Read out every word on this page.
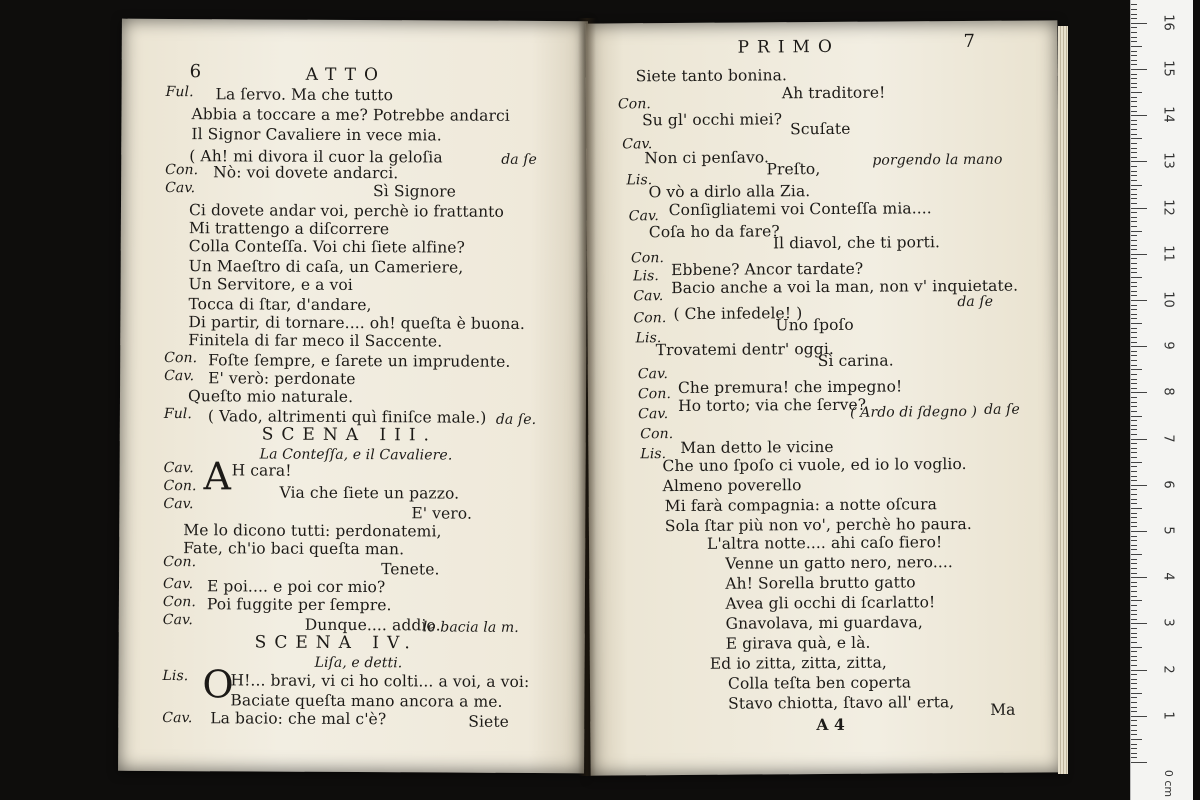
6	ATTO
Ful. La ſervo. Ma che tutto
Abbia a toccare a me? Potrebbe andarci
Il Signor Cavaliere in vece mia.
( Ah! mi divora il cuor la geloſia	da ſe
Con. Nò: voi dovete andarci.
Cav.	Sì Signore
Ci dovete andar voi, perchè io frattanto
Mi trattengo a diſcorrere
Colla Conteſſa. Voi chi ſiete alfine?
Un Maeſtro di caſa, un Cameriere,
Un Servitore, e a voi
Tocca di ſtar, d'andare,
Di partir, di tornare.... oh! queſta è buona.
Finitela di far meco il Saccente.
Con. Foſte ſempre, e ſarete un imprudente.
Cav. E' verò: perdonate
Queſto mio naturale.
Ful. ( Vado, altrimenti quì finiſce male.) da ſe.
SCENA III.
La Conteſſa, e il Cavaliere.
Cav. A H cara!
Con.	Via che ſiete un pazzo.
Cav.
E' vero.
Me lo dicono tutti: perdonatemi,
Fate, ch'io baci queſta man.
Con.	Tenete.
Cav. E poi.... e poi cor mio?
Con. Poi fuggite per ſempre.
Cav.	Dunque.... addio.
le bacia la m.
SCENA IV.
Liſa, e detti.
Lis. O
H!... bravi, vi ci ho colti... a voi, a voi:
Baciate queſta mano ancora a me.
Cav. La bacio: che mal c'è?	Siete
PRIMO	7
Siete tanto bonina.
Con.
Ah traditore!
Su gl' occhi miei?
Cav.
Scuſate
Non ci penſavo.
Lis.
Preſto,	porgendo la mano
O vò a dirlo alla Zia.
Cav. Conſigliatemi voi Conteſſa mia....
Coſa ho da fare?
Con.
Il diavol, che ti porti.
Lis. Ebbene? Ancor tardate?
Cav. Bacio anche a voi la man, non v' inquietate.
da ſe
Con. ( Che infedele! )
Lis.
Uno ſpoſo
Trovatemi dentr' oggi.
Cav.
Sì carina.
Con. Che premura! che impegno!
Cav. Ho torto; via che ſerve?
Con.
( Ardo di ſdegno ) da ſe
Lis. Man detto le vicine
Che uno ſpoſo ci vuole, ed io lo voglio.
Almeno poverello
Mi farà compagnia: a notte oſcura
Sola ſtar più non vo', perchè ho paura.
L'altra notte.... ahi caſo fiero!
Venne un gatto nero, nero....
Ah! Sorella brutto gatto
Avea gli occhi di ſcarlatto!
Gnavolava, mi guardava,
E girava quà, e là.
Ed io zitta, zitta, zitta,
Colla teſta ben coperta
Stavo chiotta, ſtavo all' erta, Ma
A 4	1
2
3
4
5
6
7
8
9
10
11
12
13
14
15
16
0 cm
